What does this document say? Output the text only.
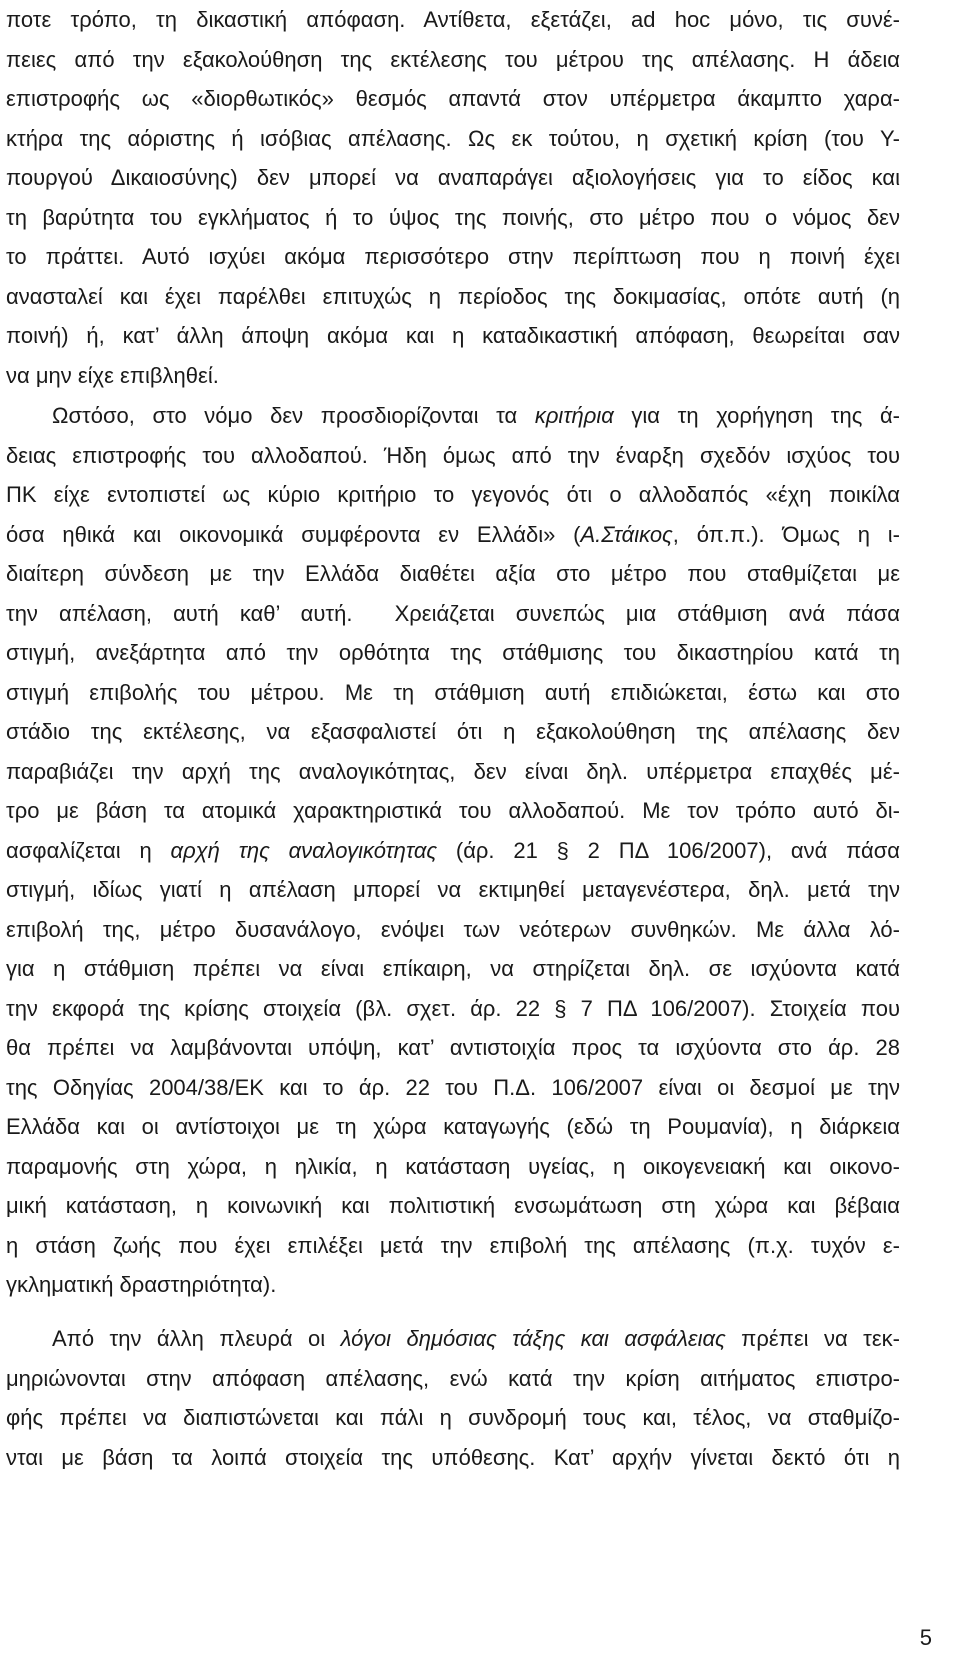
ποτε τρόπο, τη δικαστική απόφαση. Αντίθετα, εξετάζει, ad hoc μόνο, τις συνέ-
πειες από την εξακολούθηση της εκτέλεσης του μέτρου της απέλασης. Η άδεια
επιστροφής ως «διορθωτικός» θεσμός απαντά στον υπέρμετρα άκαμπτο χαρα-
κτήρα της αόριστης ή ισόβιας απέλασης. Ως εκ τούτου, η σχετική κρίση (του Υ-
πουργού Δικαιοσύνης) δεν μπορεί να αναπαράγει αξιολογήσεις για το είδος και
τη βαρύτητα του εγκλήματος ή το ύψος της ποινής, στο μέτρο που ο νόμος δεν
το πράττει. Αυτό ισχύει ακόμα περισσότερο στην περίπτωση που η ποινή έχει
ανασταλεί και έχει παρέλθει επιτυχώς η περίοδος της δοκιμασίας, οπότε αυτή (η
ποινή) ή, κατ’ άλλη άποψη ακόμα και η καταδικαστική απόφαση, θεωρείται σαν
να μην είχε επιβληθεί.
Ωστόσο, στο νόμο δεν προσδιορίζονται τα κριτήρια για τη χορήγηση της ά-
δειας επιστροφής του αλλοδαπού. Ήδη όμως από την έναρξη σχεδόν ισχύος του
ΠΚ είχε εντοπιστεί ως κύριο κριτήριο το γεγονός ότι ο αλλοδαπός «έχη ποικίλα
όσα ηθικά και οικονομικά συμφέροντα εν Ελλάδι» (Α.Στάικος, όπ.π.). Όμως η ι-
διαίτερη σύνδεση με την Ελλάδα διαθέτει αξία στο μέτρο που σταθμίζεται με
την απέλαση, αυτή καθ’ αυτή.  Χρειάζεται συνεπώς μια στάθμιση ανά πάσα
στιγμή, ανεξάρτητα από την ορθότητα της στάθμισης του δικαστηρίου κατά τη
στιγμή επιβολής του μέτρου. Με τη στάθμιση αυτή επιδιώκεται, έστω και στο
στάδιο της εκτέλεσης, να εξασφαλιστεί ότι η εξακολούθηση της απέλασης δεν
παραβιάζει την αρχή της αναλογικότητας, δεν είναι δηλ. υπέρμετρα επαχθές μέ-
τρο με βάση τα ατομικά χαρακτηριστικά του αλλοδαπού. Με τον τρόπο αυτό δι-
ασφαλίζεται η αρχή της αναλογικότητας (άρ. 21 § 2 ΠΔ 106/2007), ανά πάσα
στιγμή, ιδίως γιατί η απέλαση μπορεί να εκτιμηθεί μεταγενέστερα, δηλ. μετά την
επιβολή της, μέτρο δυσανάλογο, ενόψει των νεότερων συνθηκών. Με άλλα λό-
για η στάθμιση πρέπει να είναι επίκαιρη, να στηρίζεται δηλ. σε ισχύοντα κατά
την εκφορά της κρίσης στοιχεία (βλ. σχετ. άρ. 22 § 7 ΠΔ 106/2007). Στοιχεία που
θα πρέπει να λαμβάνονται υπόψη, κατ’ αντιστοιχία προς τα ισχύοντα στο άρ. 28
της Οδηγίας 2004/38/ΕΚ και το άρ. 22 του Π.Δ. 106/2007 είναι οι δεσμοί με την
Ελλάδα και οι αντίστοιχοι με τη χώρα καταγωγής (εδώ τη Ρουμανία), η διάρκεια
παραμονής στη χώρα, η ηλικία, η κατάσταση υγείας, η οικογενειακή και οικονο-
μική κατάσταση, η κοινωνική και πολιτιστική ενσωμάτωση στη χώρα και βέβαια
η στάση ζωής που έχει επιλέξει μετά την επιβολή της απέλασης (π.χ. τυχόν ε-
γκληματική δραστηριότητα).
Από την άλλη πλευρά οι λόγοι δημόσιας τάξης και ασφάλειας πρέπει να τεκ-
μηριώνονται στην απόφαση απέλασης, ενώ κατά την κρίση αιτήματος επιστρο-
φής πρέπει να διαπιστώνεται και πάλι η συνδρομή τους και, τέλος, να σταθμίζο-
νται με βάση τα λοιπά στοιχεία της υπόθεσης. Κατ’ αρχήν γίνεται δεκτό ότι η
5
